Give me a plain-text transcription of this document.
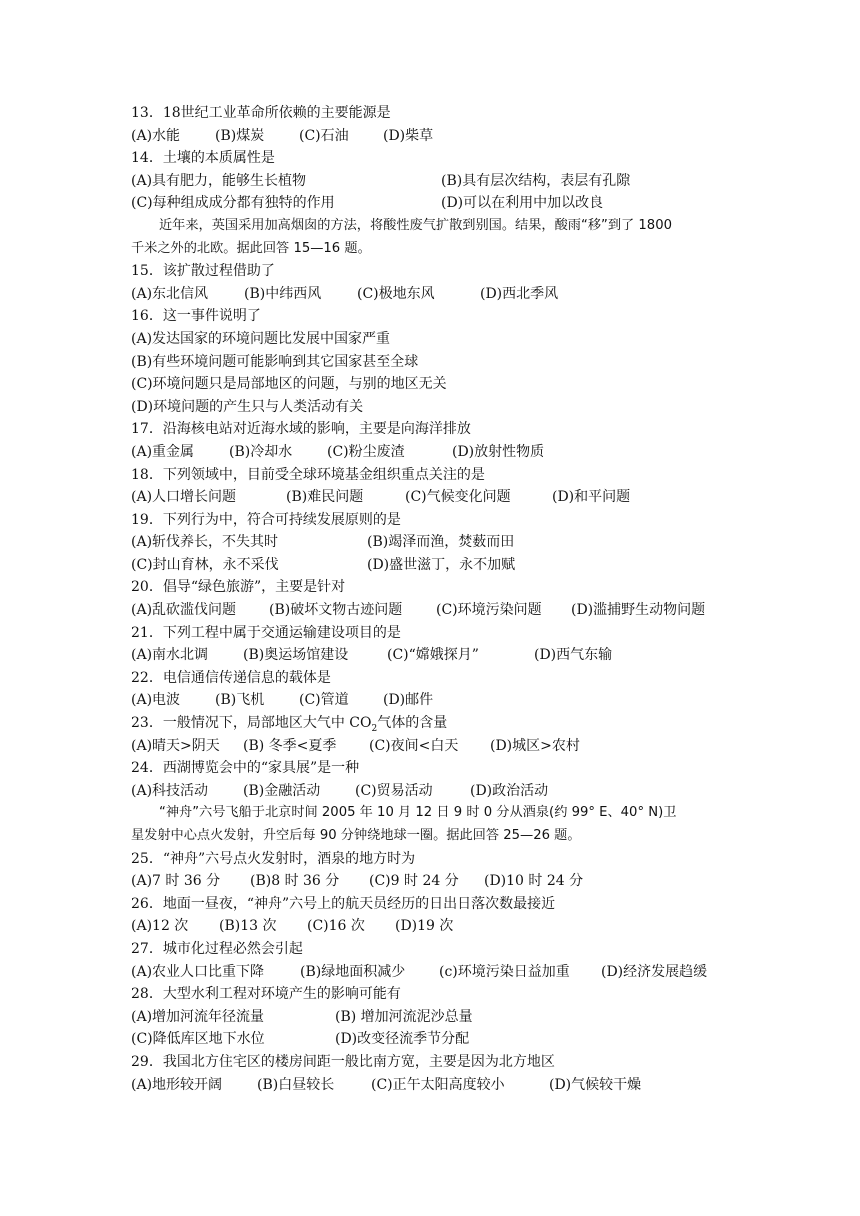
13．18世纪工业革命所依赖的主要能源是
(A)水能 (B)煤炭 (C)石油 (D)柴草
14．土壤的本质属性是
(A)具有肥力，能够生长植物	(B)具有层次结构，表层有孔隙
(C)每种组成成分都有独特的作用	(D)可以在利用中加以改良
近年来，英国采用加高烟囱的方法，将酸性废气扩散到别国。结果，酸雨“移”到了 1800
千米之外的北欧。据此回答 15—16 题。
15．该扩散过程借助了
(A)东北信风	(B)中纬西风	(C)极地东风	(D)西北季风
16．这一事件说明了
(A)发达国家的环境问题比发展中国家严重
(B)有些环境问题可能影响到其它国家甚至全球
(C)环境问题只是局部地区的问题，与别的地区无关
(D)环境问题的产生只与人类活动有关
17．沿海核电站对近海水域的影响，主要是向海洋排放
(A)重金属 (B)冷却水 (C)粉尘废渣	(D)放射性物质
18．下列领域中，目前受全球环境基金组织重点关注的是
(A)人口增长问题	(B)难民问题	(C)气候变化问题	(D)和平问题
19．下列行为中，符合可持续发展原则的是
(A)斩伐养长，不失其时	(B)竭泽而渔，焚薮而田
(C)封山育林，永不采伐	(D)盛世滋丁，永不加赋
20．倡导“绿色旅游”，主要是针对
(A)乱砍滥伐问题 (B)破坏文物古迹问题 (C)环境污染问题 (D)滥捕野生动物问题
21．下列工程中属于交通运输建设项目的是
(A)南水北调 (B)奥运场馆建设	(C)“嫦娥探月”	(D)西气东输
22．电信通信传递信息的载体是
(A)电波 (B)飞机 (C)管道 (D)邮件
23．一般情况下，局部地区大气中 $CO_2$气体的含量
(A)晴天>阴天 (B) 冬季<夏季 (C)夜间<白天 (D)城区>农村
24．西湖博览会中的“家具展”是一种
(A)科技活动 (B)金融活动 (C)贸易活动	(D)政治活动
“神舟”六号飞船于北京时间 2005 年 10 月 12 日 9 时 0 分从酒泉(约 99° E、40° N)卫
星发射中心点火发射，升空后每 90 分钟绕地球一圈。据此回答 25—26 题。
25．“神舟”六号点火发射时，酒泉的地方时为
(A)7 时 36 分 (B)8 时 36 分 (C)9 时 24 分 (D)10 时 24 分
26．地面一昼夜，“神舟”六号上的航天员经历的日出日落次数最接近
(A)12 次 (B)13 次 (C)16 次 (D)19 次
27．城市化过程必然会引起
(A)农业人口比重下降	(B)绿地面积减少 (c)环境污染日益加重 (D)经济发展趋缓
28．大型水利工程对环境产生的影响可能有
(A)增加河流年径流量	(B) 增加河流泥沙总量
(C)降低库区地下水位	(D)改变径流季节分配
29．我国北方住宅区的楼房间距一般比南方宽，主要是因为北方地区
(A)地形较开阔 (B)白昼较长	(C)正午太阳高度较小	(D)气候较干燥
